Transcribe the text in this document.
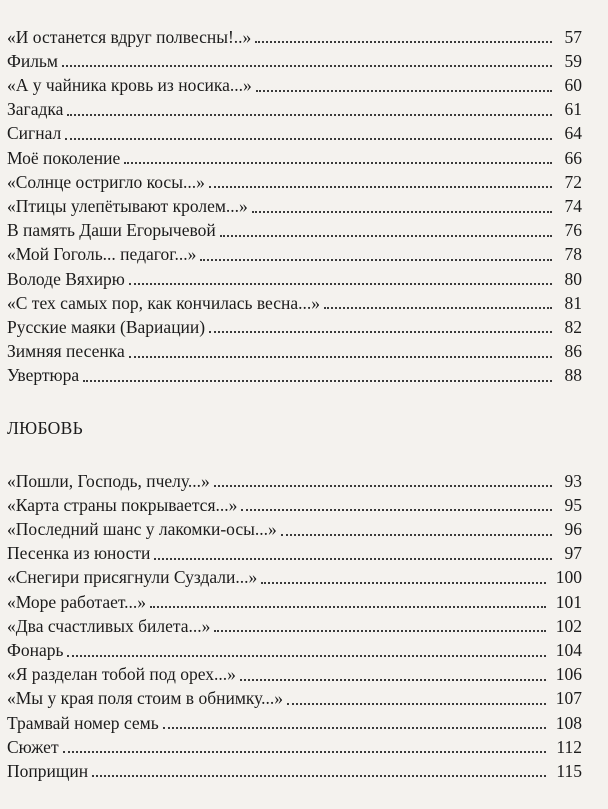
«И останется вдруг полвесны!..»	57
Фильм	59
«А у чайника кровь из носика...»	60
Загадка	61
Сигнал	64
Моё поколение	66
«Солнце остригло косы...»	72
«Птицы улепётывают кролем...»	74
В память Даши Егорычевой	76
«Мой Гоголь... педагог...»	78
Володе Вяхирю	80
«С тех самых пор, как кончилась весна...»	81
Русские маяки (Вариации)	82
Зимняя песенка	86
Увертюра	88
ЛЮБОВЬ
«Пошли, Господь, пчелу...»	93
«Карта страны покрывается...»	95
«Последний шанс у лакомки-осы...»	96
Песенка из юности	97
«Снегири присягнули Суздали...»	100
«Море работает...»	101
«Два счастливых билета...»	102
Фонарь	104
«Я разделан тобой под орех...»	106
«Мы у края поля стоим в обнимку...»	107
Трамвай номер семь	108
Сюжет	112
Поприщин	115
